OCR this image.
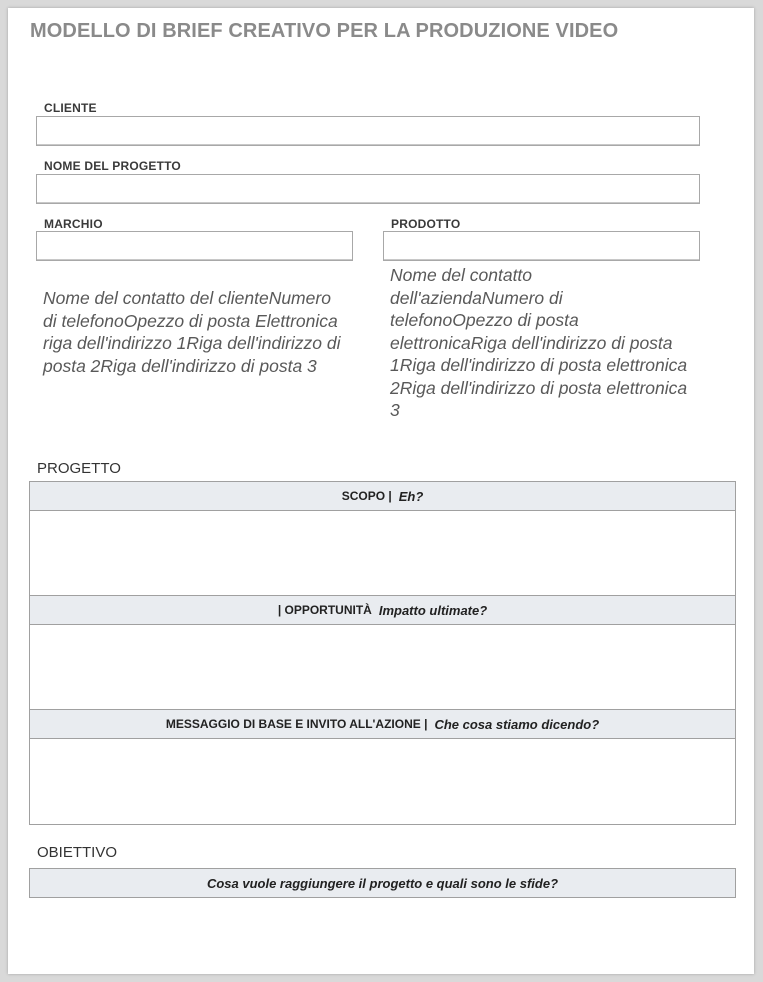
MODELLO DI BRIEF CREATIVO PER LA PRODUZIONE VIDEO
CLIENTE
NOME DEL PROGETTO
MARCHIO	PRODOTTO
Nome del contatto del clienteNumero di telefonoOpezzo di posta Elettronica riga dell'indirizzo 1Riga dell'indirizzo di posta 2Riga dell'indirizzo di posta 3
Nome del contatto dell'aziendaNumero di telefonoOpezzo di posta elettronicaRiga dell'indirizzo di posta 1Riga dell'indirizzo di posta elettronica 2Riga dell'indirizzo di posta elettronica 3
PROGETTO
SCOPO | Eh?
| OPPORTUNITÀ Impatto ultimate?
MESSAGGIO DI BASE E INVITO ALL'AZIONE | Che cosa stiamo dicendo?
OBIETTIVO
Cosa vuole raggiungere il progetto e quali sono le sfide?
